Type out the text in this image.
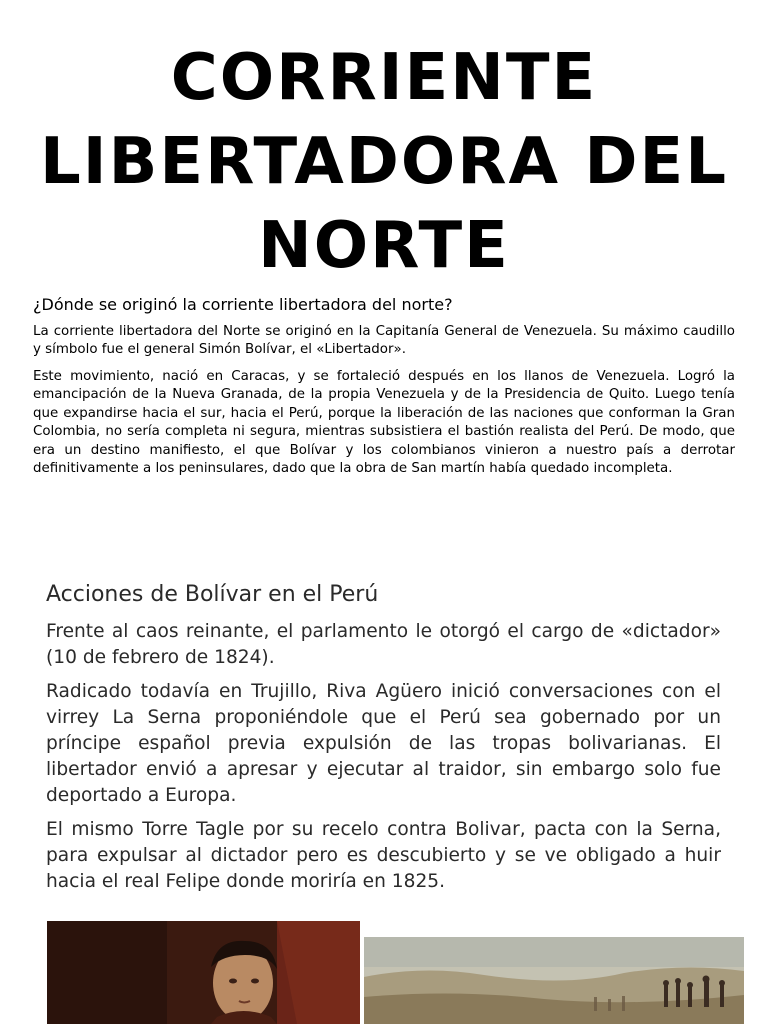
CORRIENTE LIBERTADORA DEL NORTE

¿Dónde se originó la corriente libertadora del norte?

La corriente libertadora del Norte se originó en la Capitanía General de Venezuela. Su máximo caudillo y símbolo fue el general Simón Bolívar, el «Libertador».

Este movimiento, nació en Caracas, y se fortaleció después en los llanos de Venezuela. Logró la emancipación de la Nueva Granada, de la propia Venezuela y de la Presidencia de Quito. Luego tenía que expandirse hacia el sur, hacia el Perú, porque la liberación de las naciones que conforman la Gran Colombia, no sería completa ni segura, mientras subsistiera el bastión realista del Perú. De modo, que era un destino manifiesto, el que Bolívar y los colombianos vinieron a nuestro país a derrotar definitivamente a los peninsulares, dado que la obra de San martín había quedado incompleta.

Acciones de Bolívar en el Perú

Frente al caos reinante, el parlamento le otorgó el cargo de «dictador» (10 de febrero de 1824).

Radicado todavía en Trujillo, Riva Agüero inició conversaciones con el virrey La Serna proponiéndole que el Perú sea gobernado por un príncipe español previa expulsión de las tropas bolivarianas. El libertador envió a apresar y ejecutar al traidor, sin embargo solo fue deportado a Europa.

El mismo Torre Tagle por su recelo contra Bolivar, pacta con la Serna, para expulsar al dictador pero es descubierto y se ve obligado a huir hacia el real Felipe donde moriría en 1825.
